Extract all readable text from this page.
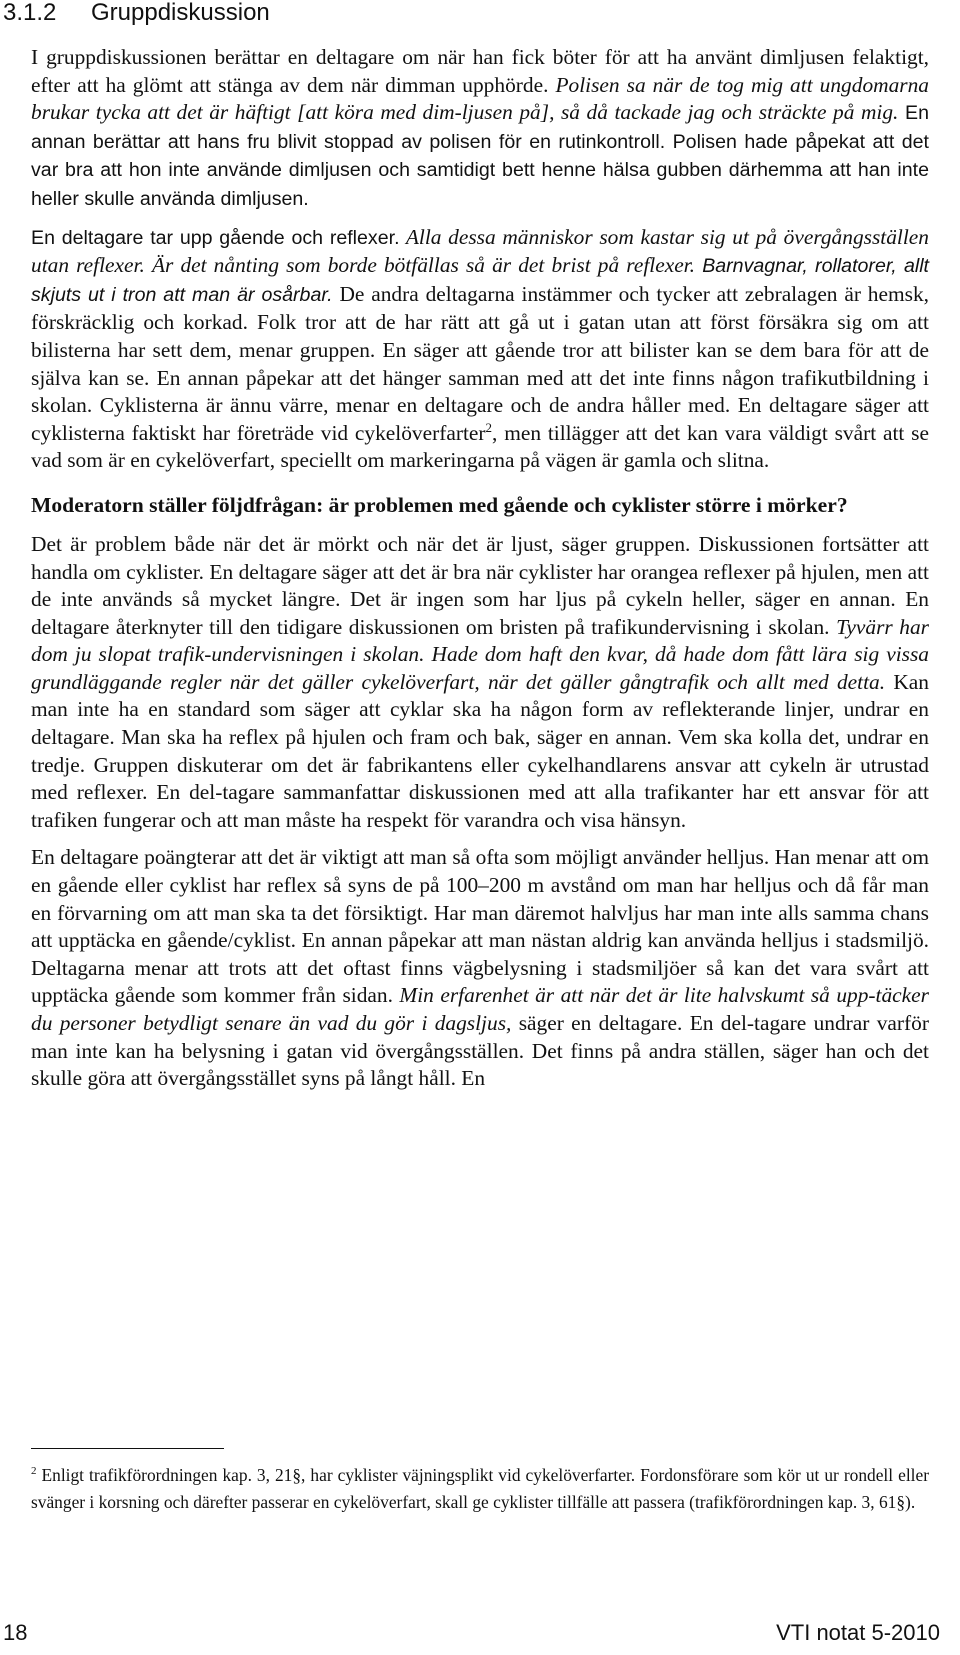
3.1.2 Gruppdiskussion

I gruppdiskussionen berättar en deltagare om när han fick böter för att ha använt dimljusen felaktigt, efter att ha glömt att stänga av dem när dimman upphörde. Polisen sa när de tog mig att ungdomarna brukar tycka att det är häftigt [att köra med dim-ljusen på], så då tackade jag och sträckte på mig. En annan berättar att hans fru blivit stoppad av polisen för en rutinkontroll. Polisen hade påpekat att det var bra att hon inte använde dimljusen och samtidigt bett henne hälsa gubben därhemma att han inte heller skulle använda dimljusen.

En deltagare tar upp gående och reflexer. Alla dessa människor som kastar sig ut på övergångsställen utan reflexer. Är det nånting som borde bötfällas så är det brist på reflexer. Barnvagnar, rollatorer, allt skjuts ut i tron att man är osårbar. De andra deltagarna instämmer och tycker att zebralagen är hemsk, förskräcklig och korkad. Folk tror att de har rätt att gå ut i gatan utan att först försäkra sig om att bilisterna har sett dem, menar gruppen. En säger att gående tror att bilister kan se dem bara för att de själva kan se. En annan påpekar att det hänger samman med att det inte finns någon trafikutbildning i skolan. Cyklisterna är ännu värre, menar en deltagare och de andra håller med. En deltagare säger att cyklisterna faktiskt har företräde vid cykelöverfarter$^2$, men tillägger att det kan vara väldigt svårt att se vad som är en cykelöverfart, speciellt om markeringarna på vägen är gamla och slitna.

Moderatorn ställer följdfrågan: är problemen med gående och cyklister större i mörker?

Det är problem både när det är mörkt och när det är ljust, säger gruppen. Diskussionen fortsätter att handla om cyklister. En deltagare säger att det är bra när cyklister har orangea reflexer på hjulen, men att de inte används så mycket längre. Det är ingen som har ljus på cykeln heller, säger en annan. En deltagare återknyter till den tidigare diskussionen om bristen på trafikundervisning i skolan. Tyvärr har dom ju slopat trafik-undervisningen i skolan. Hade dom haft den kvar, då hade dom fått lära sig vissa grundläggande regler när det gäller cykelöverfart, när det gäller gångtrafik och allt med detta. Kan man inte ha en standard som säger att cyklar ska ha någon form av reflekterande linjer, undrar en deltagare. Man ska ha reflex på hjulen och fram och bak, säger en annan. Vem ska kolla det, undrar en tredje. Gruppen diskuterar om det är fabrikantens eller cykelhandlarens ansvar att cykeln är utrustad med reflexer. En del-tagare sammanfattar diskussionen med att alla trafikanter har ett ansvar för att trafiken fungerar och att man måste ha respekt för varandra och visa hänsyn.

En deltagare poängterar att det är viktigt att man så ofta som möjligt använder helljus. Han menar att om en gående eller cyklist har reflex så syns de på 100–200 m avstånd om man har helljus och då får man en förvarning om att man ska ta det försiktigt. Har man däremot halvljus har man inte alls samma chans att upptäcka en gående/cyklist. En annan påpekar att man nästan aldrig kan använda helljus i stadsmiljö. Deltagarna menar att trots att det oftast finns vägbelysning i stadsmiljöer så kan det vara svårt att upptäcka gående som kommer från sidan. Min erfarenhet är att när det är lite halvskumt så upp-täcker du personer betydligt senare än vad du gör i dagsljus, säger en deltagare. En del-tagare undrar varför man inte kan ha belysning i gatan vid övergångsställen. Det finns på andra ställen, säger han och det skulle göra att övergångsstället syns på långt håll. En

$^2$ Enligt trafikförordningen kap. 3, 21§, har cyklister väjningsplikt vid cykelöverfarter. Fordonsförare som kör ut ur rondell eller svänger i korsning och därefter passerar en cykelöverfart, skall ge cyklister tillfälle att passera (trafikförordningen kap. 3, 61§).
18	VTI notat 5-2010
